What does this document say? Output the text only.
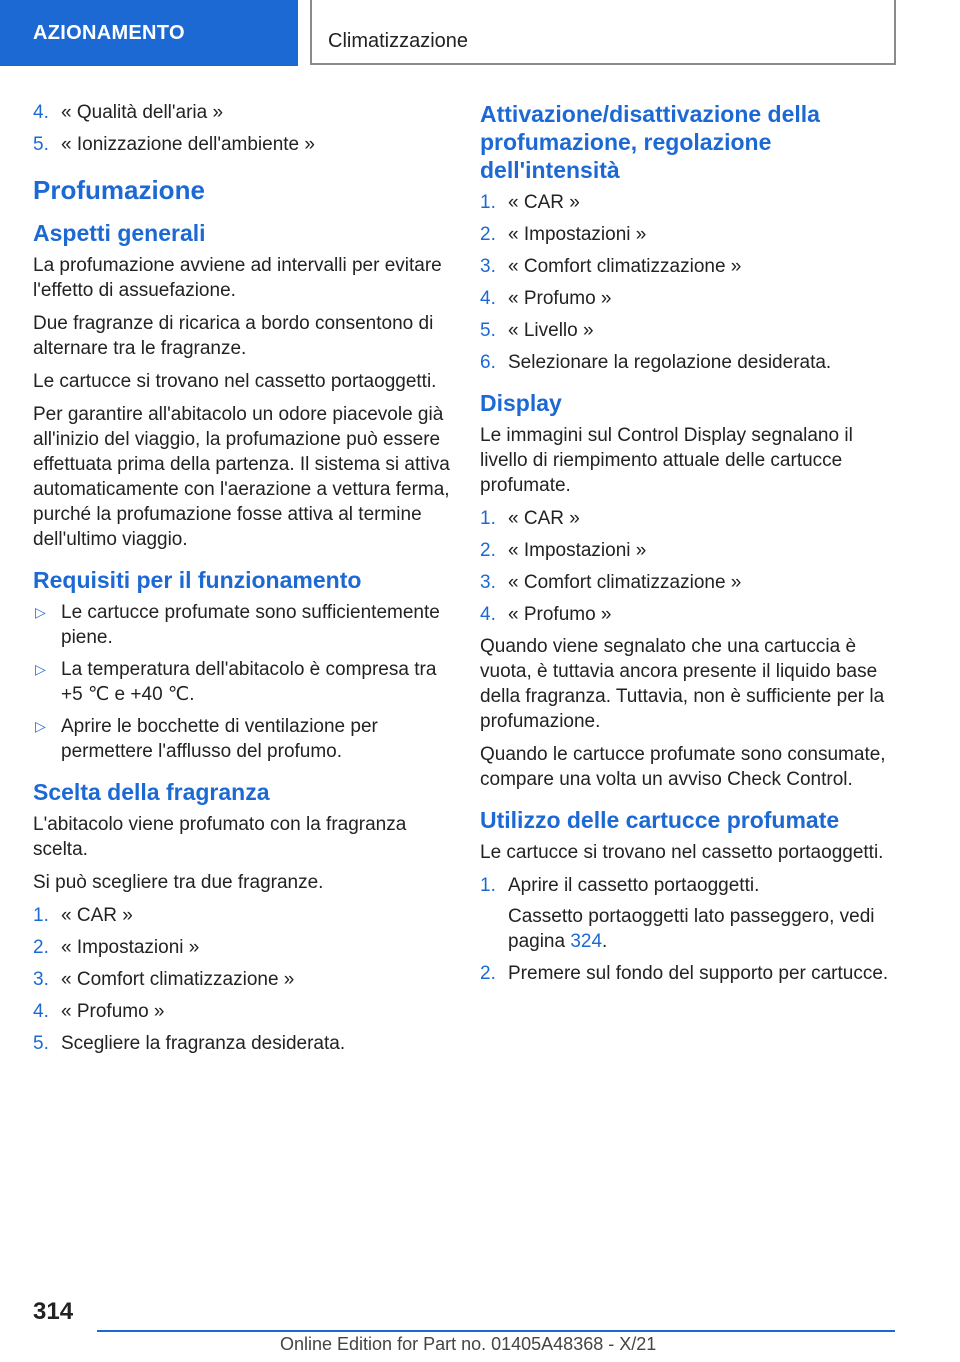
AZIONAMENTO	Climatizzazione
4. « Qualità dell'aria »
5. « Ionizzazione dell'ambiente »
Profumazione
Aspetti generali

La profumazione avviene ad intervalli per evitare l'effetto di assuefazione.

Due fragranze di ricarica a bordo consentono di alternare tra le fragranze.

Le cartucce si trovano nel cassetto portaoggetti.

Per garantire all'abitacolo un odore piacevole già all'inizio del viaggio, la profumazione può essere effettuata prima della partenza. Il sistema si attiva automaticamente con l'aerazione a vettura ferma, purché la profumazione fosse attiva al termine dell'ultimo viaggio.

Requisiti per il funzionamento
▷ Le cartucce profumate sono sufficientemente piene.
▷ La temperatura dell'abitacolo è compresa tra +5 ℃ e +40 ℃.
▷ Aprire le bocchette di ventilazione per permettere l'afflusso del profumo.
Scelta della fragranza

L'abitacolo viene profumato con la fragranza scelta.

Si può scegliere tra due fragranze.

1. « CAR »
2. « Impostazioni »
3. « Comfort climatizzazione »
4. « Profumo »
5. Scegliere la fragranza desiderata.
Attivazione/disattivazione della profumazione, regolazione dell'intensità
1. « CAR »
2. « Impostazioni »
3. « Comfort climatizzazione »
4. « Profumo »
5. « Livello »
6. Selezionare la regolazione desiderata.
Display

Le immagini sul Control Display segnalano il livello di riempimento attuale delle cartucce profumate.

1. « CAR »
2. « Impostazioni »
3. « Comfort climatizzazione »
4. « Profumo »

Quando viene segnalato che una cartuccia è vuota, è tuttavia ancora presente il liquido base della fragranza. Tuttavia, non è sufficiente per la profumazione.

Quando le cartucce profumate sono consumate, compare una volta un avviso Check Control.

Utilizzo delle cartucce profumate

Le cartucce si trovano nel cassetto portaoggetti.

1. Aprire il cassetto portaoggetti.
Cassetto portaoggetti lato passeggero, vedi pagina 324.
2. Premere sul fondo del supporto per cartucce.
314
Online Edition for Part no. 01405A48368 - X/21
